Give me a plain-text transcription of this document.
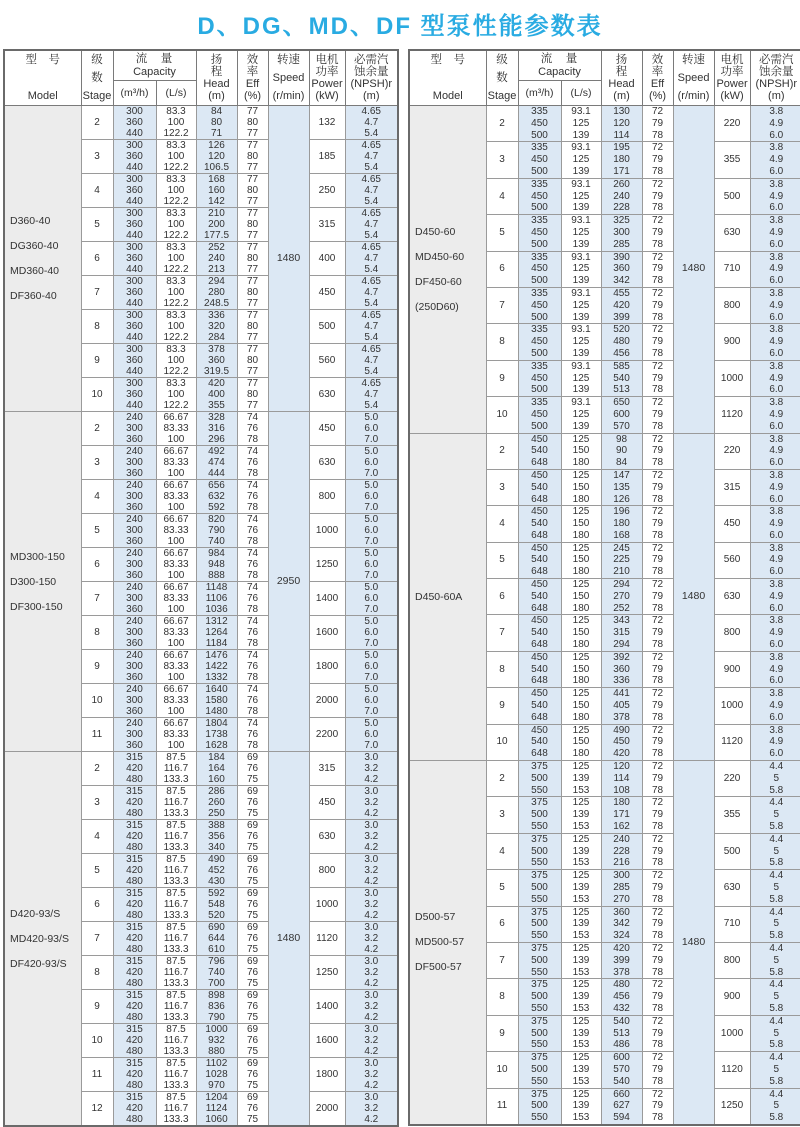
D、DG、MD、DF 型泵性能参数表
型　号
Model	级
数
Stage	流　量
Capacity		扬
程
Head
(m)	效
率
Eff
(%)	转速
Speed
(r/min)	电机
功率
Power
(kW)	必需汽
蚀余量
(NPSH)r
(m)

		(m³/h)	(L/s)					

D360-40
DG360-40
MD360-40
DF360-40	2	300	83.3	84	77	1480	132	4.65
		360	100	80	80			4.7
		440	122.2	71	77			5.4
	3	300	83.3	126	77		185	4.65
		360	100	120	80			4.7
		440	122.2	106.5	77			5.4
	4	300	83.3	168	77		250	4.65
		360	100	160	80			4.7
		440	122.2	142	77			5.4
	5	300	83.3	210	77		315	4.65
		360	100	200	80			4.7
		440	122.2	177.5	77			5.4
	6	300	83.3	252	77		400	4.65
		360	100	240	80			4.7
		440	122.2	213	77			5.4
	7	300	83.3	294	77		450	4.65
		360	100	280	80			4.7
		440	122.2	248.5	77			5.4
	8	300	83.3	336	77		500	4.65
		360	100	320	80			4.7
		440	122.2	284	77			5.4
	9	300	83.3	378	77		560	4.65
		360	100	360	80			4.7
		440	122.2	319.5	77			5.4
	10	300	83.3	420	77		630	4.65
		360	100	400	80			4.7
		440	122.2	355	77			5.4

MD300-150
D300-150
DF300-150	2	240	66.67	328	74	2950	450	5.0
		300	83.33	316	76			6.0
		360	100	296	78			7.0
	3	240	66.67	492	74		630	5.0
		300	83.33	474	76			6.0
		360	100	444	78			7.0
	4	240	66.67	656	74		800	5.0
		300	83.33	632	76			6.0
		360	100	592	78			7.0
	5	240	66.67	820	74		1000	5.0
		300	83.33	790	76			6.0
		360	100	740	78			7.0
	6	240	66.67	984	74		1250	5.0
		300	83.33	948	76			6.0
		360	100	888	78			7.0
	7	240	66.67	1148	74		1400	5.0
		300	83.33	1106	76			6.0
		360	100	1036	78			7.0
	8	240	66.67	1312	74		1600	5.0
		300	83.33	1264	76			6.0
		360	100	1184	78			7.0
	9	240	66.67	1476	74		1800	5.0
		300	83.33	1422	76			6.0
		360	100	1332	78			7.0
	10	240	66.67	1640	74		2000	5.0
		300	83.33	1580	76			6.0
		360	100	1480	78			7.0
	11	240	66.67	1804	74		2200	5.0
		300	83.33	1738	76			6.0
		360	100	1628	78			7.0

D420-93/S
MD420-93/S
DF420-93/S	2	315	87.5	184	69	1480	315	3.0
		420	116.7	164	76			3.2
		480	133.3	160	75			4.2
	3	315	87.5	286	69		450	3.0
		420	116.7	260	76			3.2
		480	133.3	250	75			4.2
	4	315	87.5	388	69		630	3.0
		420	116.7	356	76			3.2
		480	133.3	340	75			4.2
	5	315	87.5	490	69		800	3.0
		420	116.7	452	76			3.2
		480	133.3	430	75			4.2
	6	315	87.5	592	69		1000	3.0
		420	116.7	548	76			3.2
		480	133.3	520	75			4.2
	7	315	87.5	690	69		1120	3.0
		420	116.7	644	76			3.2
		480	133.3	610	75			4.2
	8	315	87.5	796	69		1250	3.0
		420	116.7	740	76			3.2
		480	133.3	700	75			4.2
	9	315	87.5	898	69		1400	3.0
		420	116.7	836	76			3.2
		480	133.3	790	75			4.2
	10	315	87.5	1000	69		1600	3.0
		420	116.7	932	76			3.2
		480	133.3	880	75			4.2
	11	315	87.5	1102	69		1800	3.0
		420	116.7	1028	76			3.2
		480	133.3	970	75			4.2
	12	315	87.5	1204	69		2000	3.0
		420	116.7	1124	76			3.2
		480	133.3	1060	75			4.2
型　号
Model	级
数
Stage	流　量
Capacity		扬
程
Head
(m)	效
率
Eff
(%)	转速
Speed
(r/min)	电机
功率
Power
(kW)	必需汽
蚀余量
(NPSH)r
(m)

		(m³/h)	(L/s)					

D450-60
MD450-60
DF450-60
(250D60)	2	335	93.1	130	72	1480	220	3.8
		450	125	120	79			4.9
		500	139	114	78			6.0
	3	335	93.1	195	72		355	3.8
		450	125	180	79			4.9
		500	139	171	78			6.0
	4	335	93.1	260	72		500	3.8
		450	125	240	79			4.9
		500	139	228	78			6.0
	5	335	93.1	325	72		630	3.8
		450	125	300	79			4.9
		500	139	285	78			6.0
	6	335	93.1	390	72		710	3.8
		450	125	360	79			4.9
		500	139	342	78			6.0
	7	335	93.1	455	72		800	3.8
		450	125	420	79			4.9
		500	139	399	78			6.0
	8	335	93.1	520	72		900	3.8
		450	125	480	79			4.9
		500	139	456	78			6.0
	9	335	93.1	585	72		1000	3.8
		450	125	540	79			4.9
		500	139	513	78			6.0
	10	335	93.1	650	72		1120	3.8
		450	125	600	79			4.9
		500	139	570	78			6.0

D450-60A	2	450	125	98	72	1480	220	3.8
		540	150	90	79			4.9
		648	180	84	78			6.0
	3	450	125	147	72		315	3.8
		540	150	135	79			4.9
		648	180	126	78			6.0
	4	450	125	196	72		450	3.8
		540	150	180	79			4.9
		648	180	168	78			6.0
	5	450	125	245	72		560	3.8
		540	150	225	79			4.9
		648	180	210	78			6.0
	6	450	125	294	72		630	3.8
		540	150	270	79			4.9
		648	180	252	78			6.0
	7	450	125	343	72		800	3.8
		540	150	315	79			4.9
		648	180	294	78			6.0
	8	450	125	392	72		900	3.8
		540	150	360	79			4.9
		648	180	336	78			6.0
	9	450	125	441	72		1000	3.8
		540	150	405	79			4.9
		648	180	378	78			6.0
	10	450	125	490	72		1120	3.8
		540	150	450	79			4.9
		648	180	420	78			6.0

D500-57
MD500-57
DF500-57	2	375	125	120	72	1480	220	4.4
		500	139	114	79			5
		550	153	108	78			5.8
	3	375	125	180	72		355	4.4
		500	139	171	79			5
		550	153	162	78			5.8
	4	375	125	240	72		500	4.4
		500	139	228	79			5
		550	153	216	78			5.8
	5	375	125	300	72		630	4.4
		500	139	285	79			5
		550	153	270	78			5.8
	6	375	125	360	72		710	4.4
		500	139	342	79			5
		550	153	324	78			5.8
	7	375	125	420	72		800	4.4
		500	139	399	79			5
		550	153	378	78			5.8
	8	375	125	480	72		900	4.4
		500	139	456	79			5
		550	153	432	78			5.8
	9	375	125	540	72		1000	4.4
		500	139	513	79			5
		550	153	486	78			5.8
	10	375	125	600	72		1120	4.4
		500	139	570	79			5
		550	153	540	78			5.8
	11	375	125	660	72		1250	4.4
		500	139	627	79			5
		550	153	594	78			5.8
